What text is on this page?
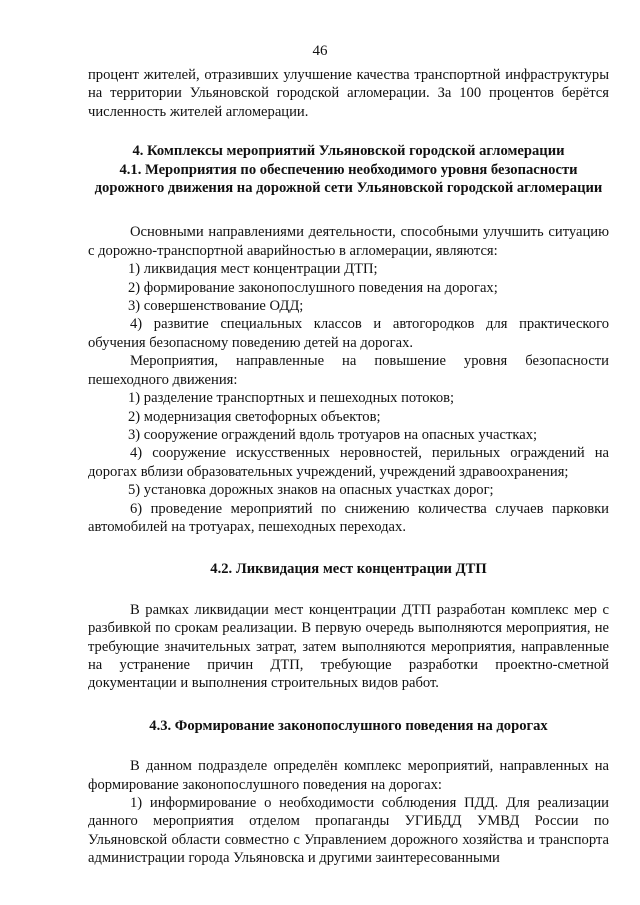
46

процент жителей, отразивших улучшение качества транспортной инфраструктуры на территории Ульяновской городской агломерации. За 100 процентов берётся численность жителей агломерации.

4. Комплексы мероприятий Ульяновской городской агломерации

4.1. Мероприятия по обеспечению необходимого уровня безопасности дорожного движения на дорожной сети Ульяновской городской агломерации

Основными направлениями деятельности, способными улучшить ситуацию с дорожно-транспортной аварийностью в агломерации, являются:

1) ликвидация мест концентрации ДТП;

2) формирование законопослушного поведения на дорогах;

3) совершенствование ОДД;

4) развитие специальных классов и автогородков для практического обучения безопасному поведению детей на дорогах.

Мероприятия, направленные на повышение уровня безопасности пешеходного движения:

1) разделение транспортных и пешеходных потоков;

2) модернизация светофорных объектов;

3) сооружение ограждений вдоль тротуаров на опасных участках;

4) сооружение искусственных неровностей, перильных ограждений на дорогах вблизи образовательных учреждений, учреждений здравоохранения;

5) установка дорожных знаков на опасных участках дорог;

6) проведение мероприятий по снижению количества случаев парковки автомобилей на тротуарах, пешеходных переходах.

4.2. Ликвидация мест концентрации ДТП

В рамках ликвидации мест концентрации ДТП разработан комплекс мер с разбивкой по срокам реализации. В первую очередь выполняются мероприятия, не требующие значительных затрат, затем выполняются мероприятия, направленные на устранение причин ДТП, требующие разработки проектно-сметной документации и выполнения строительных видов работ.

4.3. Формирование законопослушного поведения на дорогах

В данном подразделе определён комплекс мероприятий, направленных на формирование законопослушного поведения на дорогах:

1) информирование о необходимости соблюдения ПДД. Для реализации данного мероприятия отделом пропаганды УГИБДД УМВД России по Ульяновской области совместно с Управлением дорожного хозяйства и транспорта администрации города Ульяновска и другими заинтересованными
